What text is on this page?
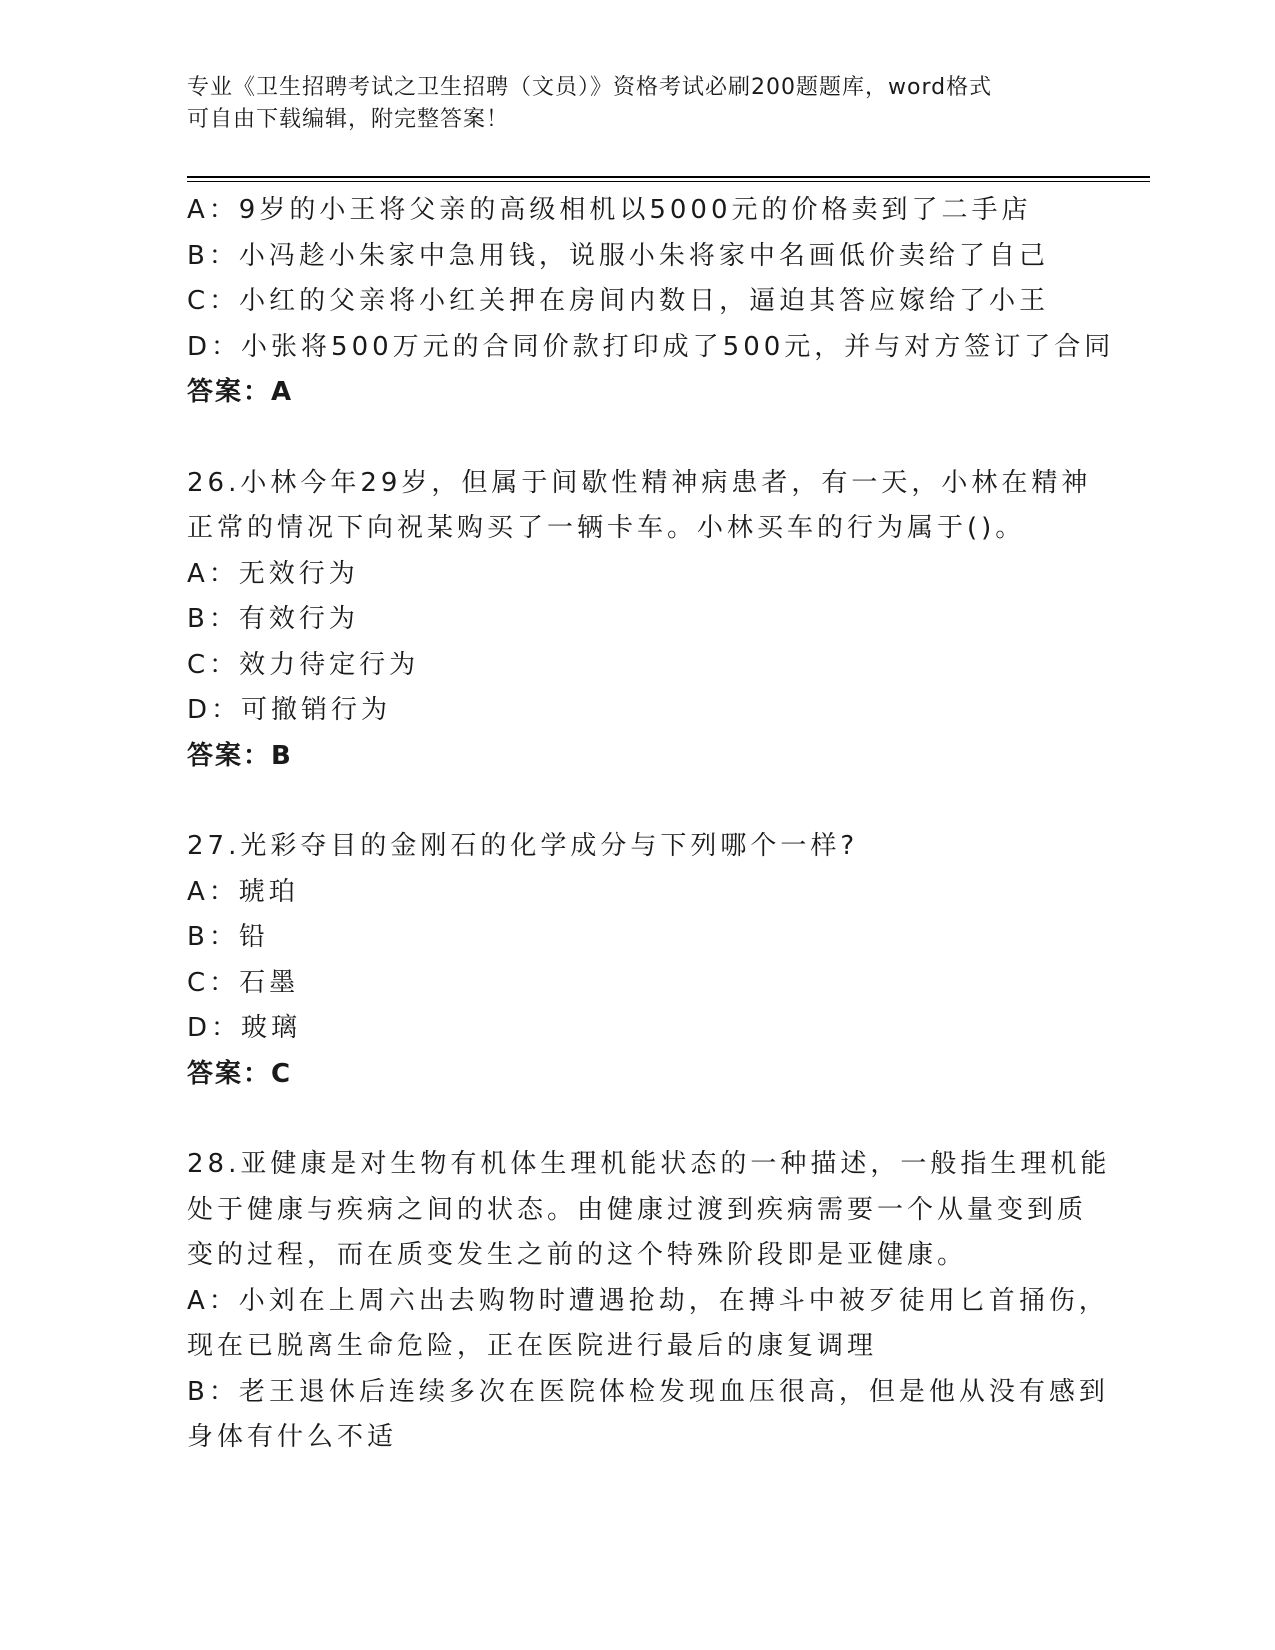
专业《卫生招聘考试之卫生招聘（文员）》资格考试必刷200题题库，word格式
可自由下载编辑，附完整答案！
A：9岁的小王将父亲的高级相机以5000元的价格卖到了二手店
B：小冯趁小朱家中急用钱，说服小朱将家中名画低价卖给了自己
C：小红的父亲将小红关押在房间内数日，逼迫其答应嫁给了小王
D：小张将500万元的合同价款打印成了500元，并与对方签订了合同
答案：A
26.小林今年29岁，但属于间歇性精神病患者，有一天，小林在精神
正常的情况下向祝某购买了一辆卡车。小林买车的行为属于()。
A：无效行为
B：有效行为
C：效力待定行为
D：可撤销行为
答案：B
27.光彩夺目的金刚石的化学成分与下列哪个一样?
A：琥珀
B：铅
C：石墨
D：玻璃
答案：C
28.亚健康是对生物有机体生理机能状态的一种描述，一般指生理机能
处于健康与疾病之间的状态。由健康过渡到疾病需要一个从量变到质
变的过程，而在质变发生之前的这个特殊阶段即是亚健康。
A：小刘在上周六出去购物时遭遇抢劫，在搏斗中被歹徒用匕首捅伤，
现在已脱离生命危险，正在医院进行最后的康复调理
B：老王退休后连续多次在医院体检发现血压很高，但是他从没有感到
身体有什么不适
